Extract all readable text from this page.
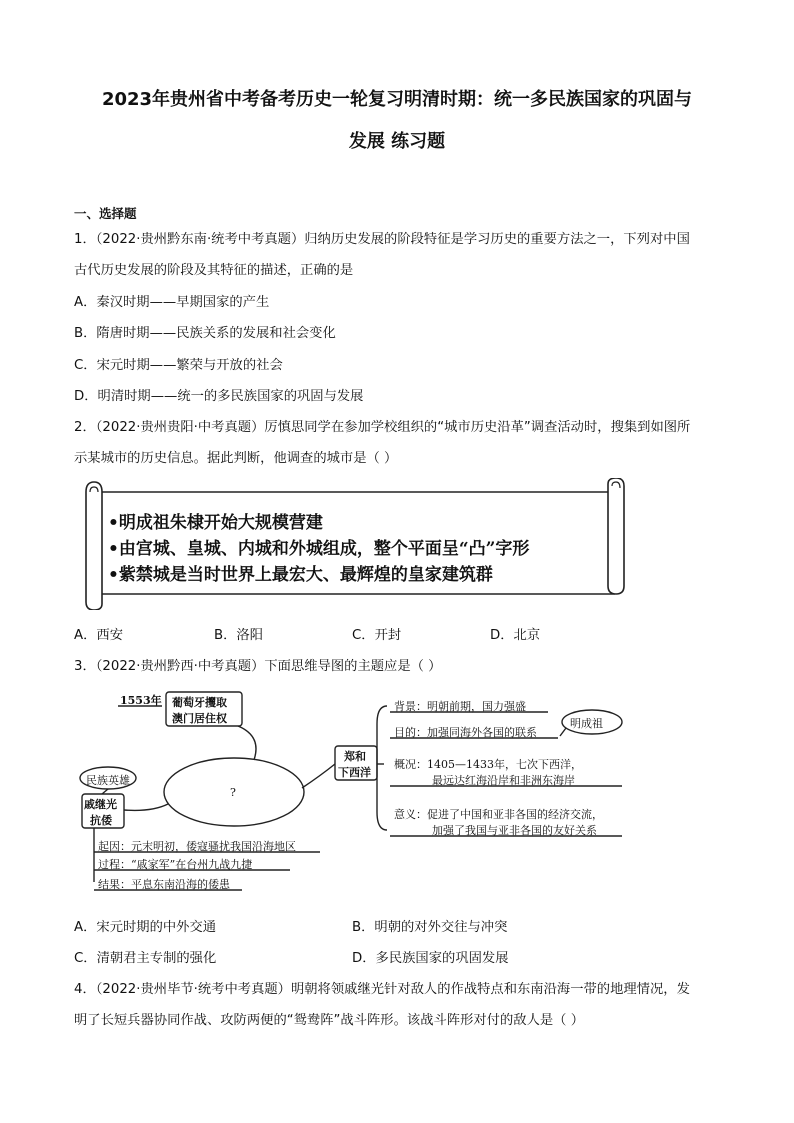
2023年贵州省中考备考历史一轮复习明清时期：统一多民族国家的巩固与
发展 练习题
一、选择题
1．（2022·贵州黔东南·统考中考真题）归纳历史发展的阶段特征是学习历史的重要方法之一，下列对中国
古代历史发展的阶段及其特征的描述，正确的是
A．秦汉时期——早期国家的产生
B．隋唐时期——民族关系的发展和社会变化
C．宋元时期——繁荣与开放的社会
D．明清时期——统一的多民族国家的巩固与发展
2．（2022·贵州贵阳·中考真题）厉慎思同学在参加学校组织的“城市历史沿革”调查活动时，搜集到如图所
示某城市的历史信息。据此判断，他调查的城市是（ ）
•明成祖朱棣开始大规模营建
•由宫城、皇城、内城和外城组成，整个平面呈“凸”字形
•紫禁城是当时世界上最宏大、最辉煌的皇家建筑群
A．西安	B．洛阳	C．开封	D．北京
3．（2022·贵州黔西·中考真题）下面思维导图的主题应是（ ）
1553年 葡萄牙攫取
澳门居住权
?
郑和
下西洋
明成祖
背景：明朝前期，国力强盛
目的：加强同海外各国的联系
概况：1405—1433年，七次下西洋，
最远达红海沿岸和非洲东海岸
意义：促进了中国和亚非各国的经济交流，
加强了我国与亚非各国的友好关系
民族英雄
戚继光
抗倭
起因：元末明初，倭寇骚扰我国沿海地区
过程：“戚家军”在台州九战九捷
结果：平息东南沿海的倭患
A．宋元时期的中外交通	B．明朝的对外交往与冲突
C．清朝君主专制的强化	D．多民族国家的巩固发展
4．（2022·贵州毕节·统考中考真题）明朝将领戚继光针对敌人的作战特点和东南沿海一带的地理情况，发
明了长短兵器协同作战、攻防两便的“鸳鸯阵”战斗阵形。该战斗阵形对付的敌人是（ ）
